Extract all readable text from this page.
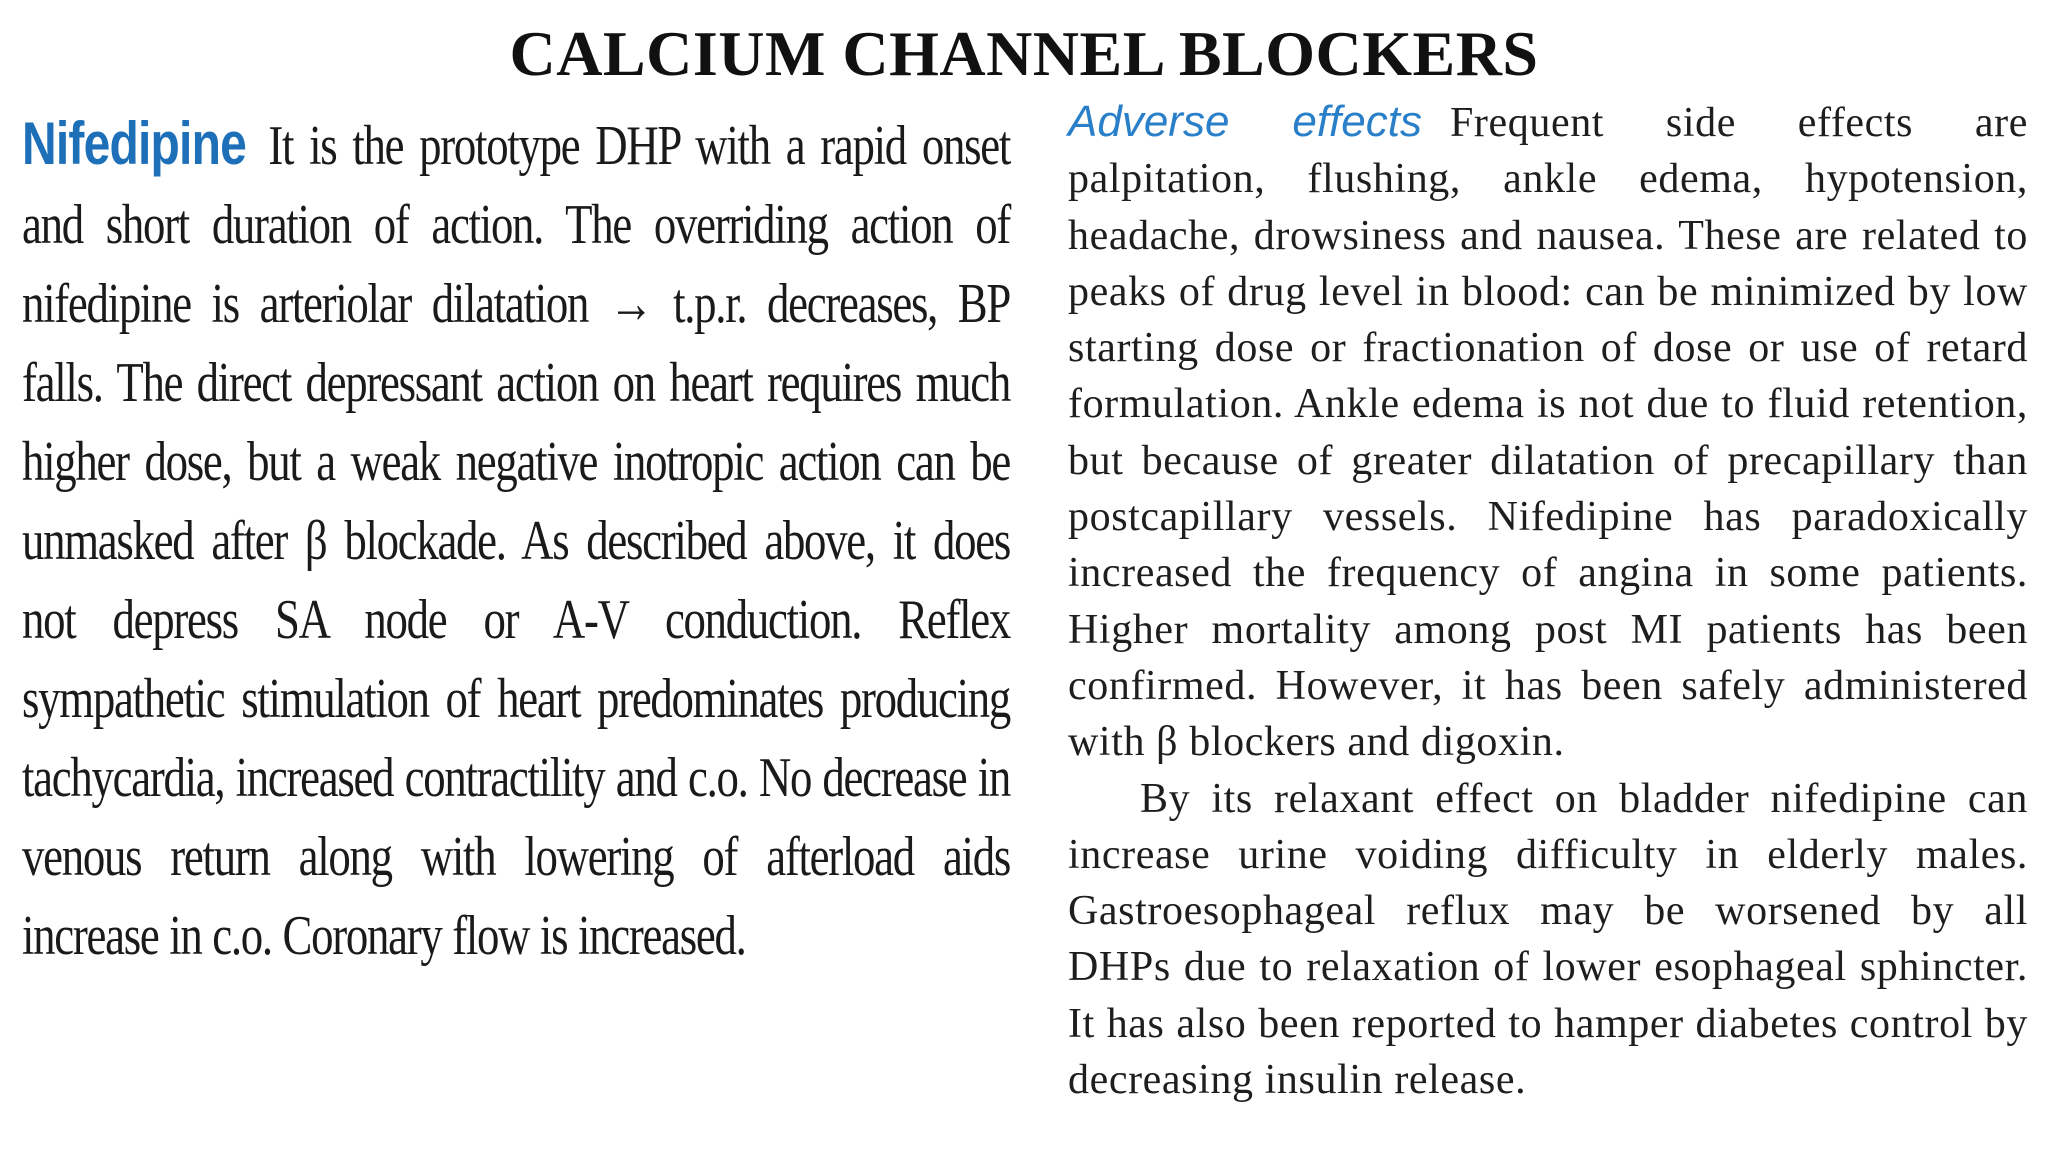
CALCIUM CHANNEL BLOCKERS

Nifedipine It is the prototype DHP with a rapid onset and short duration of action. The overriding action of nifedipine is arteriolar dilatation → t.p.r. decreases, BP falls. The direct depressant action on heart requires much higher dose, but a weak negative inotropic action can be unmasked after β blockade. As described above, it does not depress SA node or A-V conduction. Reflex sympathetic stimulation of heart predominates producing tachycardia, increased contractility and c.o. No decrease in venous return along with lowering of afterload aids increase in c.o. Coronary flow is increased.

Adverse effects Frequent side effects are palpitation, flushing, ankle edema, hypotension, headache, drowsiness and nausea. These are related to peaks of drug level in blood: can be minimized by low starting dose or fractionation of dose or use of retard formulation. Ankle edema is not due to fluid retention, but because of greater dilatation of precapillary than postcapillary vessels. Nifedipine has paradoxically increased the frequency of angina in some patients. Higher mortality among post MI patients has been confirmed. However, it has been safely administered with β blockers and digoxin.

By its relaxant effect on bladder nifedipine can increase urine voiding difficulty in elderly males. Gastroesophageal reflux may be worsened by all DHPs due to relaxation of lower esophageal sphincter. It has also been reported to hamper diabetes control by decreasing insulin release.
